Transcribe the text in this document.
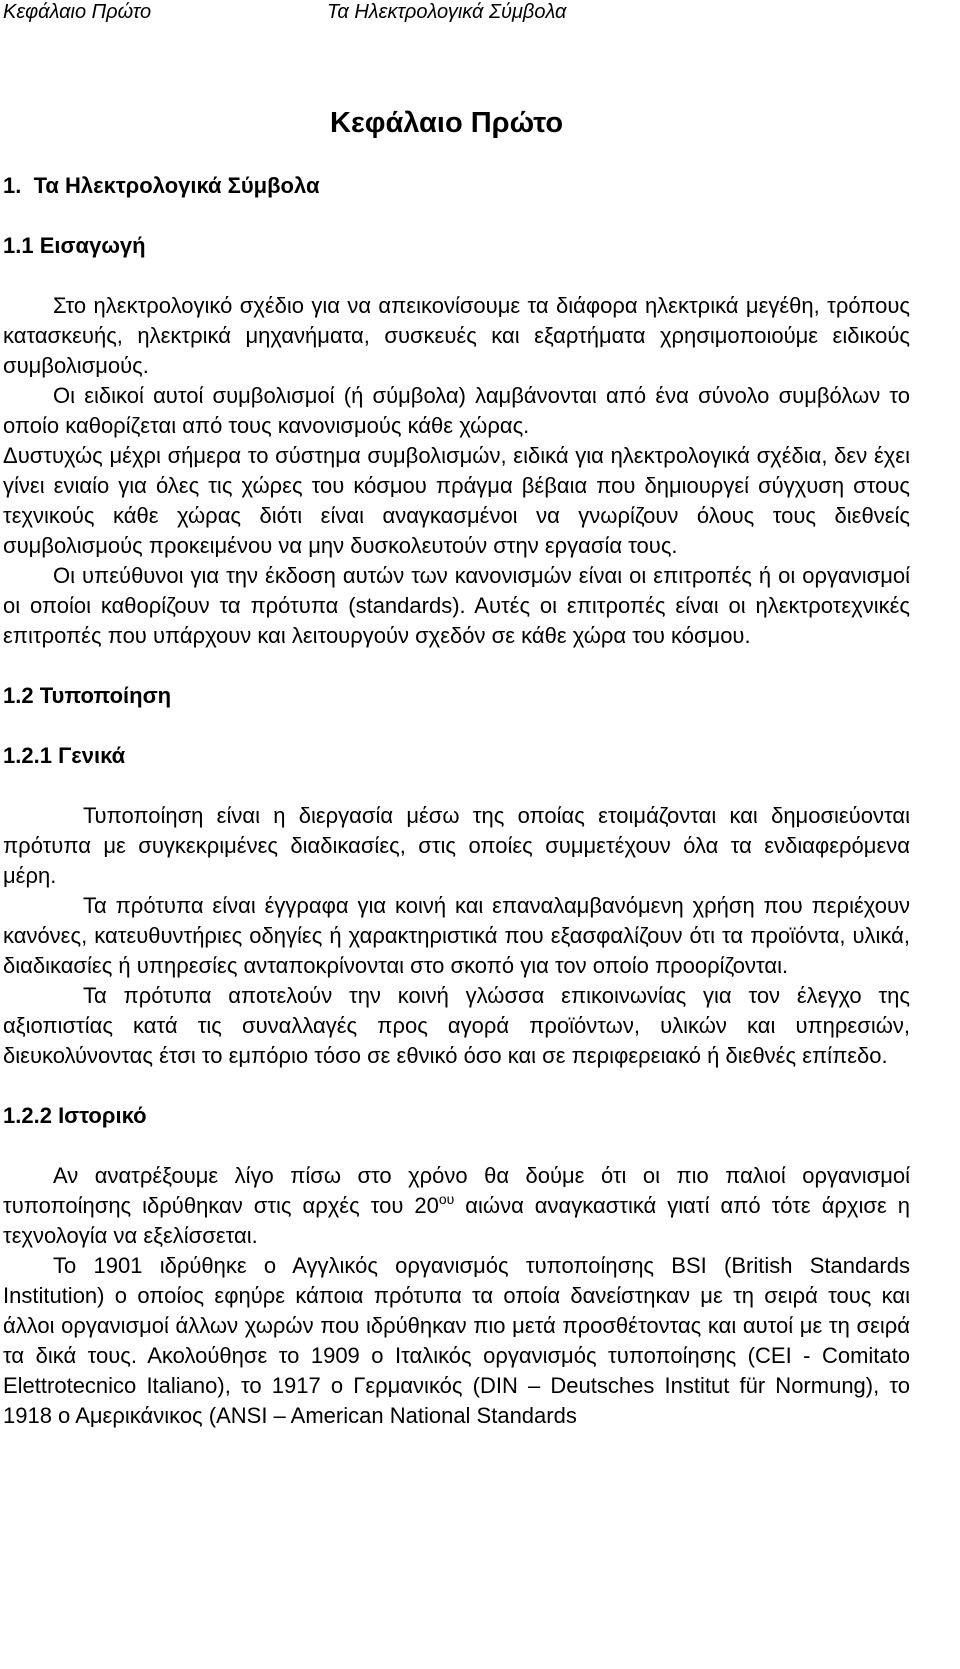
Κεφάλαιο Πρώτο	Τα Ηλεκτρολογικά Σύμβολα
Κεφάλαιο Πρώτο
1. Τα Ηλεκτρολογικά Σύμβολα
1.1 Εισαγωγή

Στο ηλεκτρολογικό σχέδιο για να απεικονίσουμε τα διάφορα ηλεκτρικά μεγέθη, τρόπους κατασκευής, ηλεκτρικά μηχανήματα, συσκευές και εξαρτήματα χρησιμοποιούμε ειδικούς συμβολισμούς.

Οι ειδικοί αυτοί συμβολισμοί (ή σύμβολα) λαμβάνονται από ένα σύνολο συμβόλων το οποίο καθορίζεται από τους κανονισμούς κάθε χώρας.

Δυστυχώς μέχρι σήμερα το σύστημα συμβολισμών, ειδικά για ηλεκτρολογικά σχέδια, δεν έχει γίνει ενιαίο για όλες τις χώρες του κόσμου πράγμα βέβαια που δημιουργεί σύγχυση στους τεχνικούς κάθε χώρας διότι είναι αναγκασμένοι να γνωρίζουν όλους τους διεθνείς συμβολισμούς προκειμένου να μην δυσκολευτούν στην εργασία τους.

Οι υπεύθυνοι για την έκδοση αυτών των κανονισμών είναι οι επιτροπές ή οι οργανισμοί οι οποίοι καθορίζουν τα πρότυπα (standards). Αυτές οι επιτροπές είναι οι ηλεκτροτεχνικές επιτροπές που υπάρχουν και λειτουργούν σχεδόν σε κάθε χώρα του κόσμου.

1.2 Τυποποίηση
1.2.1 Γενικά

Τυποποίηση είναι η διεργασία μέσω της οποίας ετοιμάζονται και δημοσιεύονται πρότυπα με συγκεκριμένες διαδικασίες, στις οποίες συμμετέχουν όλα τα ενδιαφερόμενα μέρη.

Τα πρότυπα είναι έγγραφα για κοινή και επαναλαμβανόμενη χρήση που περιέχουν κανόνες, κατευθυντήριες οδηγίες ή χαρακτηριστικά που εξασφαλίζουν ότι τα προϊόντα, υλικά, διαδικασίες ή υπηρεσίες ανταποκρίνονται στο σκοπό για τον οποίο προορίζονται.

Τα πρότυπα αποτελούν την κοινή γλώσσα επικοινωνίας για τον έλεγχο της αξιοπιστίας κατά τις συναλλαγές προς αγορά προϊόντων, υλικών και υπηρεσιών, διευκολύνοντας έτσι το εμπόριο τόσο σε εθνικό όσο και σε περιφερειακό ή διεθνές επίπεδο.

1.2.2 Ιστορικό

Αν ανατρέξουμε λίγο πίσω στο χρόνο θα δούμε ότι οι πιο παλιοί οργανισμοί τυποποίησης ιδρύθηκαν στις αρχές του $20^{o\upsilon}$ αιώνα αναγκαστικά γιατί από τότε άρχισε η τεχνολογία να εξελίσσεται.

Το 1901 ιδρύθηκε ο Αγγλικός οργανισμός τυποποίησης BSI (British Standards Institution) ο οποίος εφηύρε κάποια πρότυπα τα οποία δανείστηκαν με τη σειρά τους και άλλοι οργανισμοί άλλων χωρών που ιδρύθηκαν πιο μετά προσθέτοντας και αυτοί με τη σειρά τα δικά τους. Ακολούθησε το 1909 ο Ιταλικός οργανισμός τυποποίησης (CEI - Comitato Elettrotecnico Italiano), το 1917 ο Γερμανικός (DIN – Deutsches Institut für Normung), το 1918 ο Αμερικάνικος (ANSI – American National Standards
